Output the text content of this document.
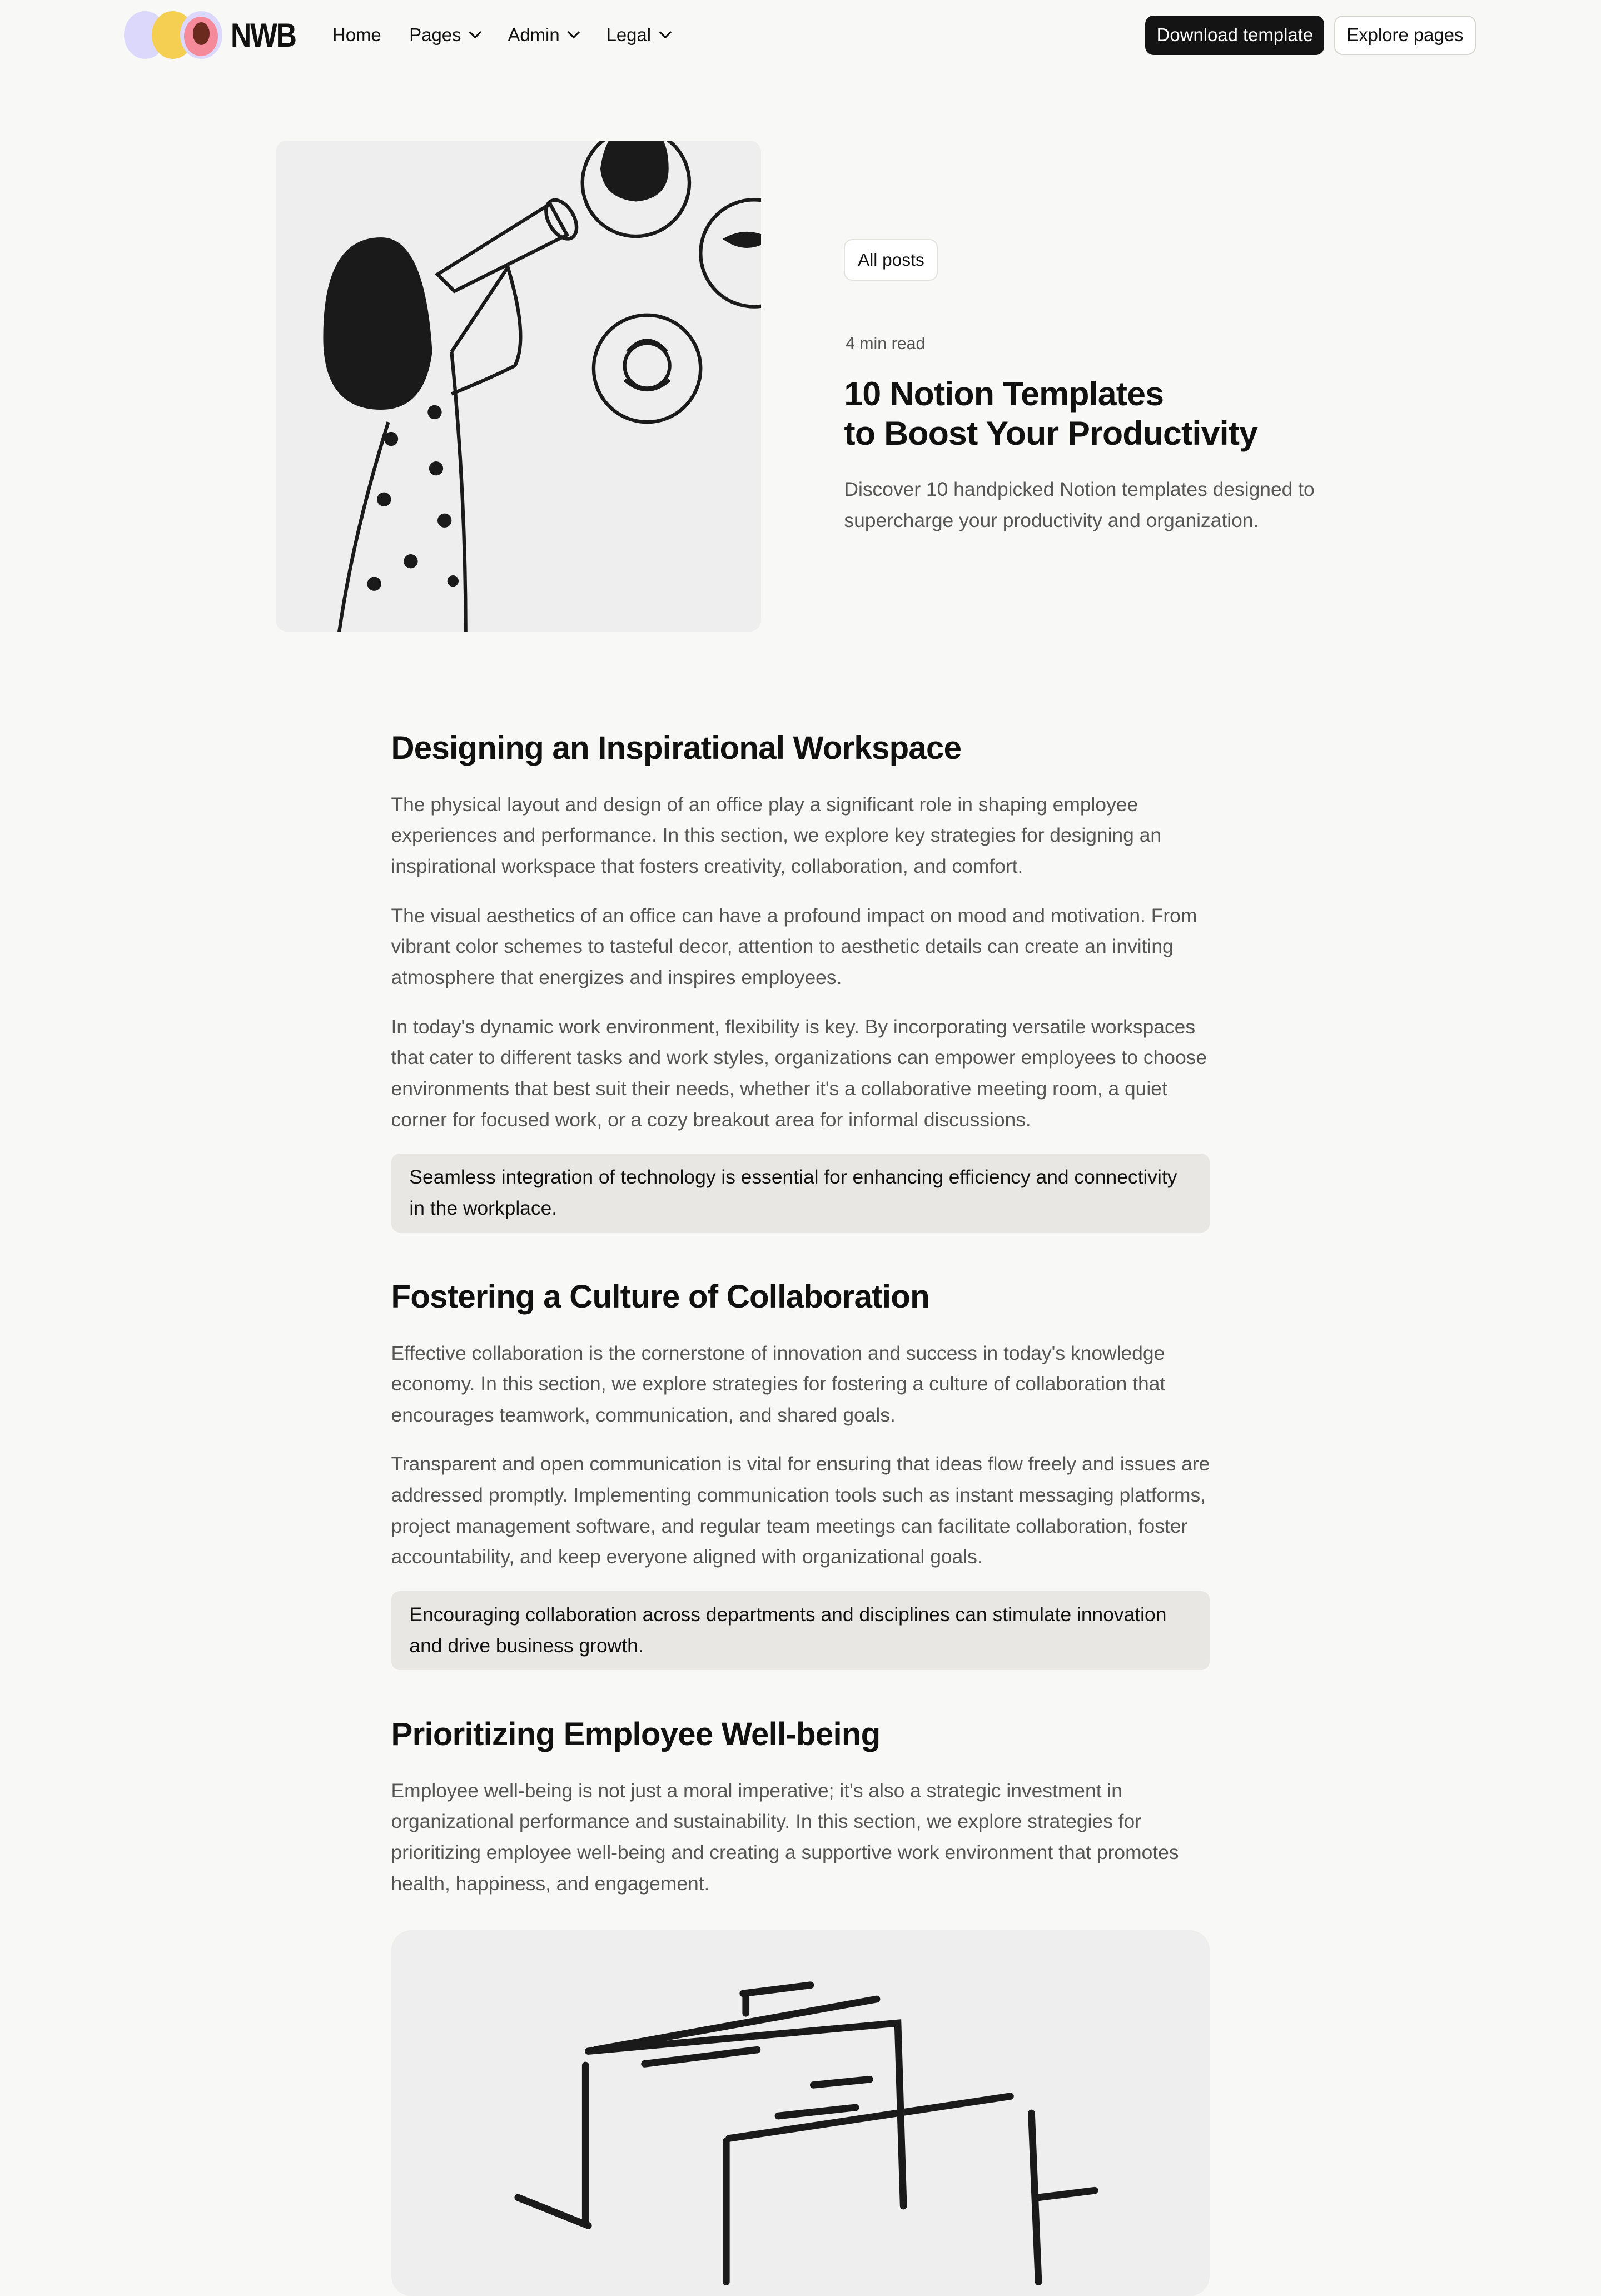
NWB	Home	Pages	Admin	Legal	Download template	Explore pages
All posts
4 min read
10 Notion Templates
to Boost Your Productivity

Discover 10 handpicked Notion templates designed to supercharge your productivity and organization.

Designing an Inspirational Workspace

The physical layout and design of an office play a significant role in shaping employee experiences and performance. In this section, we explore key strategies for designing an inspirational workspace that fosters creativity, collaboration, and comfort.

The visual aesthetics of an office can have a profound impact on mood and motivation. From vibrant color schemes to tasteful decor, attention to aesthetic details can create an inviting atmosphere that energizes and inspires employees.

In today's dynamic work environment, flexibility is key. By incorporating versatile workspaces that cater to different tasks and work styles, organizations can empower employees to choose environments that best suit their needs, whether it's a collaborative meeting room, a quiet corner for focused work, or a cozy breakout area for informal discussions.

Seamless integration of technology is essential for enhancing efficiency and connectivity in the workplace.
Fostering a Culture of Collaboration

Effective collaboration is the cornerstone of innovation and success in today's knowledge economy. In this section, we explore strategies for fostering a culture of collaboration that encourages teamwork, communication, and shared goals.

Transparent and open communication is vital for ensuring that ideas flow freely and issues are addressed promptly. Implementing communication tools such as instant messaging platforms, project management software, and regular team meetings can facilitate collaboration, foster accountability, and keep everyone aligned with organizational goals.

Encouraging collaboration across departments and disciplines can stimulate innovation and drive business growth.
Prioritizing Employee Well-being

Employee well-being is not just a moral imperative; it's also a strategic investment in organizational performance and sustainability. In this section, we explore strategies for prioritizing employee well-being and creating a supportive work environment that promotes health, happiness, and engagement.
